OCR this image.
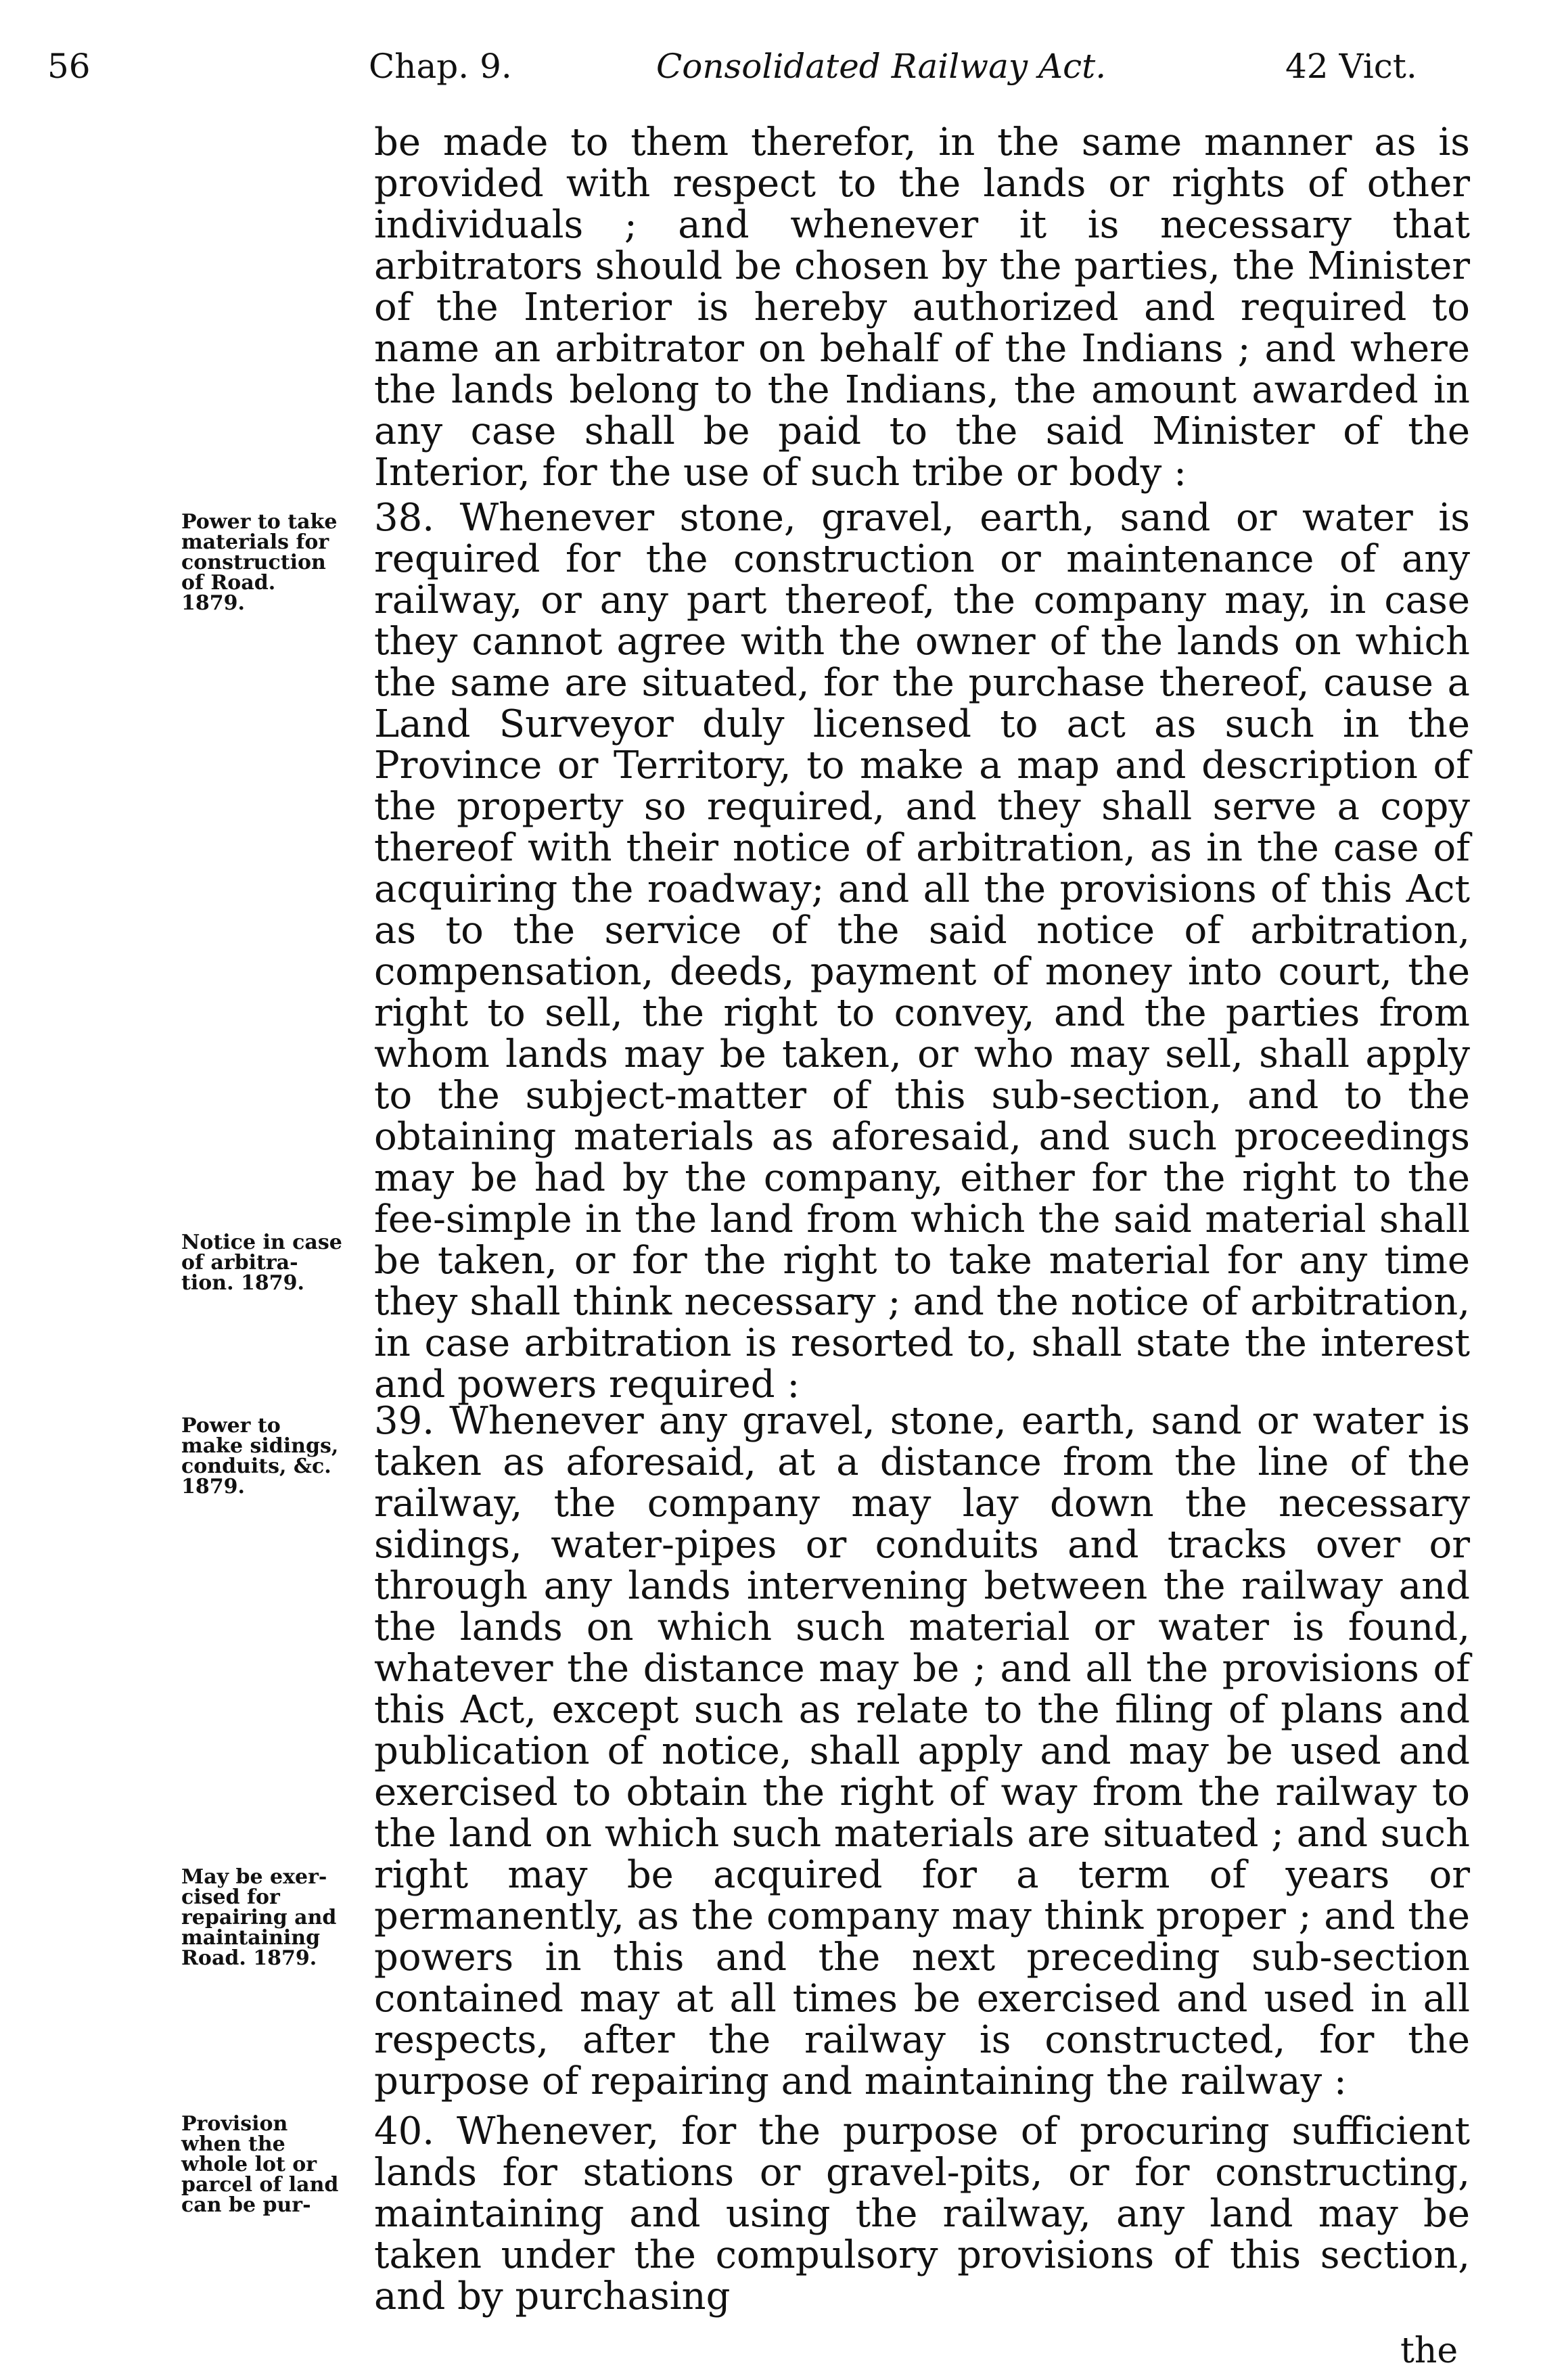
56	Chap. 9.	Consolidated Railway Act.	42 Vict.
be made to them therefor, in the same manner as is provided with respect to the lands or rights of other individuals ; and whenever it is necessary that arbitrators should be chosen by the parties, the Minister of the Interior is hereby authorized and required to name an arbitrator on behalf of the Indians ; and where the lands belong to the Indians, the amount awarded in any case shall be paid to the said Minister of the Interior, for the use of such tribe or body :
38. Whenever stone, gravel, earth, sand or water is required for the construction or maintenance of any railway, or any part thereof, the company may, in case they cannot agree with the owner of the lands on which the same are situated, for the purchase thereof, cause a Land Surveyor duly licensed to act as such in the Province or Territory, to make a map and description of the property so required, and they shall serve a copy thereof with their notice of arbitration, as in the case of acquiring the roadway; and all the provisions of this Act as to the service of the said notice of arbitration, compensation, deeds, payment of money into court, the right to sell, the right to convey, and the parties from whom lands may be taken, or who may sell, shall apply to the subject-matter of this sub-section, and to the obtaining materials as aforesaid, and such proceedings may be had by the company, either for the right to the fee-simple in the land from which the said material shall be taken, or for the right to take material for any time they shall think necessary ; and the notice of arbitration, in case arbitration is resorted to, shall state the interest and powers required :
39. Whenever any gravel, stone, earth, sand or water is taken as aforesaid, at a distance from the line of the railway, the company may lay down the necessary sidings, water-pipes or conduits and tracks over or through any lands intervening between the railway and the lands on which such material or water is found, whatever the distance may be ; and all the provisions of this Act, except such as relate to the filing of plans and publication of notice, shall apply and may be used and exercised to obtain the right of way from the railway to the land on which such materials are situated ; and such right may be acquired for a term of years or permanently, as the company may think proper ; and the powers in this and the next preceding sub-section contained may at all times be exercised and used in all respects, after the railway is constructed, for the purpose of repairing and maintaining the railway :
40. Whenever, for the purpose of procuring sufficient lands for stations or gravel-pits, or for constructing, maintaining and using the railway, any land may be taken under the compulsory provisions of this section, and by purchasing
the
Power to take
materials for
construction
of Road.
1879.
Notice in case
of arbitra-
tion. 1879.
Power to
make sidings,
conduits, &c.
1879.
May be exer-
cised for
repairing and
maintaining
Road. 1879.
Provision
when the
whole lot or
parcel of land
can be pur-
